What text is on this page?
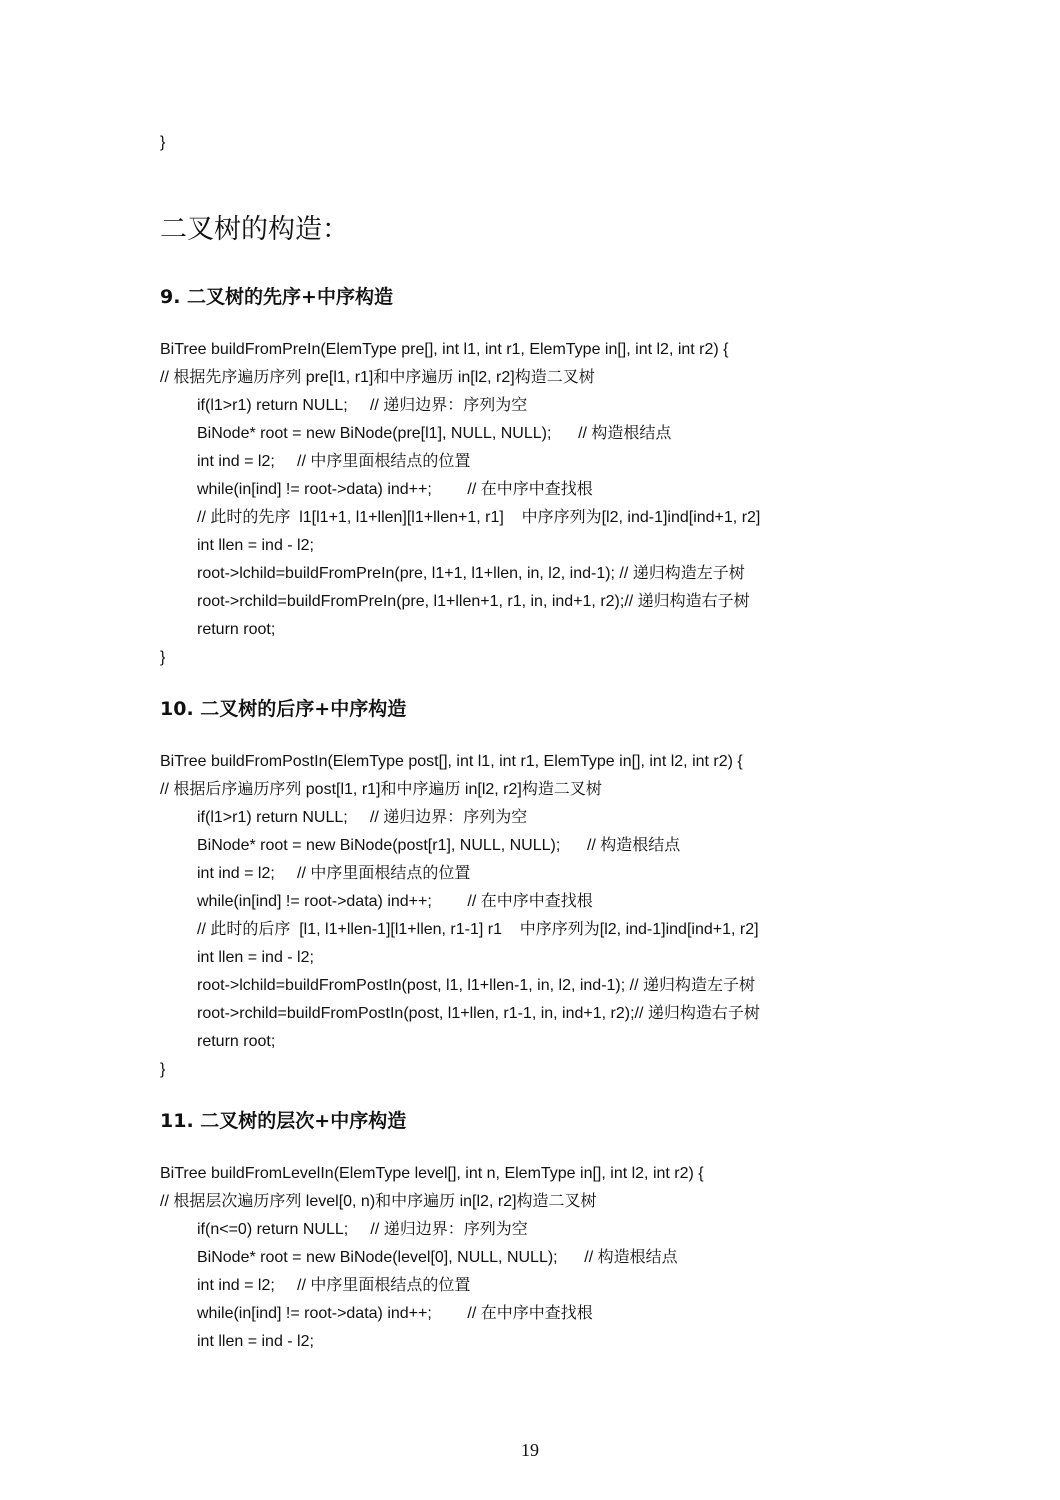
}
二叉树的构造：
9. 二叉树的先序+中序构造
BiTree buildFromPreIn(ElemType pre[], int l1, int r1, ElemType in[], int l2, int r2) {
// 根据先序遍历序列 pre[l1, r1]和中序遍历 in[l2, r2]构造二叉树
if(l1>r1) return NULL;     // 递归边界：序列为空
BiNode* root = new BiNode(pre[l1], NULL, NULL);      // 构造根结点
int ind = l2;     // 中序里面根结点的位置
while(in[ind] != root->data) ind++;        // 在中序中查找根
// 此时的先序  l1[l1+1, l1+llen][l1+llen+1, r1]    中序序列为[l2, ind-1]ind[ind+1, r2]
int llen = ind - l2;
root->lchild=buildFromPreIn(pre, l1+1, l1+llen, in, l2, ind-1); // 递归构造左子树
root->rchild=buildFromPreIn(pre, l1+llen+1, r1, in, ind+1, r2);// 递归构造右子树
return root;
}
10. 二叉树的后序+中序构造
BiTree buildFromPostIn(ElemType post[], int l1, int r1, ElemType in[], int l2, int r2) {
// 根据后序遍历序列 post[l1, r1]和中序遍历 in[l2, r2]构造二叉树
if(l1>r1) return NULL;     // 递归边界：序列为空
BiNode* root = new BiNode(post[r1], NULL, NULL);      // 构造根结点
int ind = l2;     // 中序里面根结点的位置
while(in[ind] != root->data) ind++;        // 在中序中查找根
// 此时的后序  [l1, l1+llen-1][l1+llen, r1-1] r1    中序序列为[l2, ind-1]ind[ind+1, r2]
int llen = ind - l2;
root->lchild=buildFromPostIn(post, l1, l1+llen-1, in, l2, ind-1); // 递归构造左子树
root->rchild=buildFromPostIn(post, l1+llen, r1-1, in, ind+1, r2);// 递归构造右子树
return root;
}
11. 二叉树的层次+中序构造
BiTree buildFromLevelIn(ElemType level[], int n, ElemType in[], int l2, int r2) {
// 根据层次遍历序列 level[0, n)和中序遍历 in[l2, r2]构造二叉树
if(n<=0) return NULL;     // 递归边界：序列为空
BiNode* root = new BiNode(level[0], NULL, NULL);      // 构造根结点
int ind = l2;     // 中序里面根结点的位置
while(in[ind] != root->data) ind++;        // 在中序中查找根
int llen = ind - l2;
19
